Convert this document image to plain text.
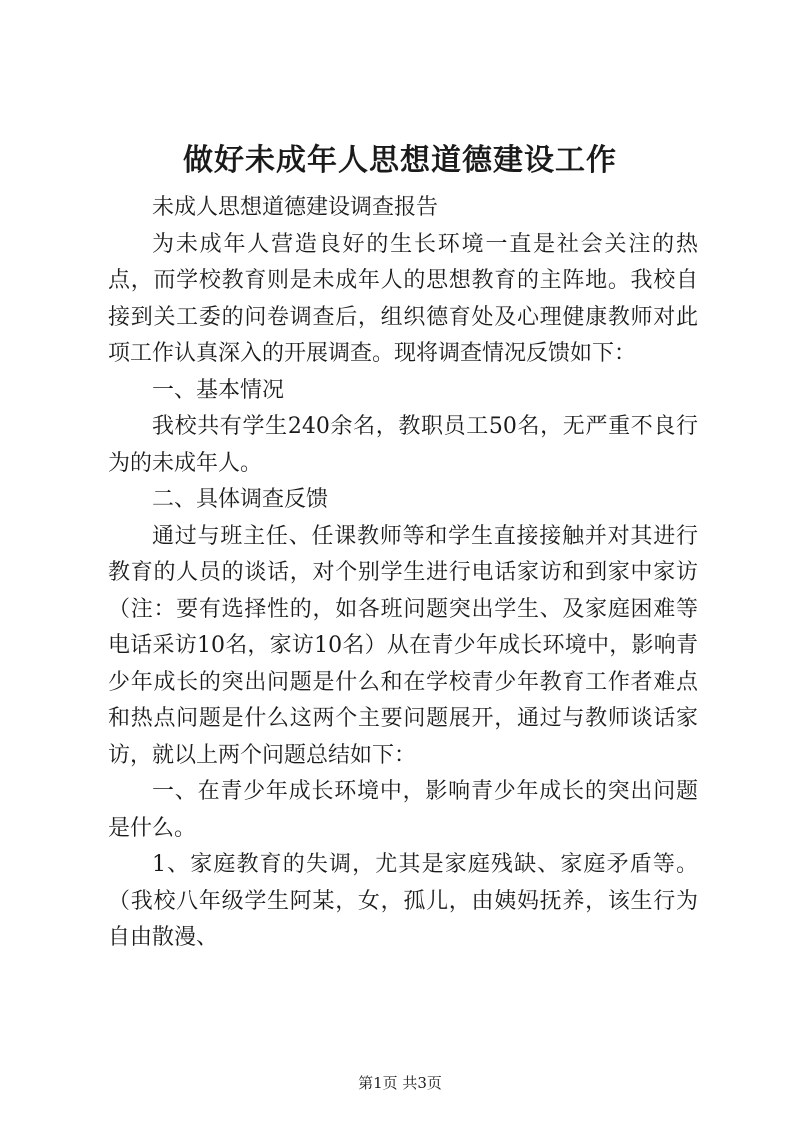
做好未成年人思想道德建设工作

未成人思想道德建设调查报告

为未成年人营造良好的生长环境一直是社会关注的热点，而学校教育则是未成年人的思想教育的主阵地。我校自接到关工委的问卷调查后，组织德育处及心理健康教师对此项工作认真深入的开展调查。现将调查情况反馈如下：

一、基本情况

我校共有学生240余名，教职员工50名，无严重不良行为的未成年人。

二、具体调查反馈

通过与班主任、任课教师等和学生直接接触并对其进行教育的人员的谈话，对个别学生进行电话家访和到家中家访（注：要有选择性的，如各班问题突出学生、及家庭困难等电话采访10名，家访10名）从在青少年成长环境中，影响青少年成长的突出问题是什么和在学校青少年教育工作者难点和热点问题是什么这两个主要问题展开，通过与教师谈话家访，就以上两个问题总结如下：

一、在青少年成长环境中，影响青少年成长的突出问题是什么。

1、家庭教育的失调，尤其是家庭残缺、家庭矛盾等。（我校八年级学生阿某，女，孤儿，由姨妈抚养，该生行为自由散漫、

第1页 共3页
